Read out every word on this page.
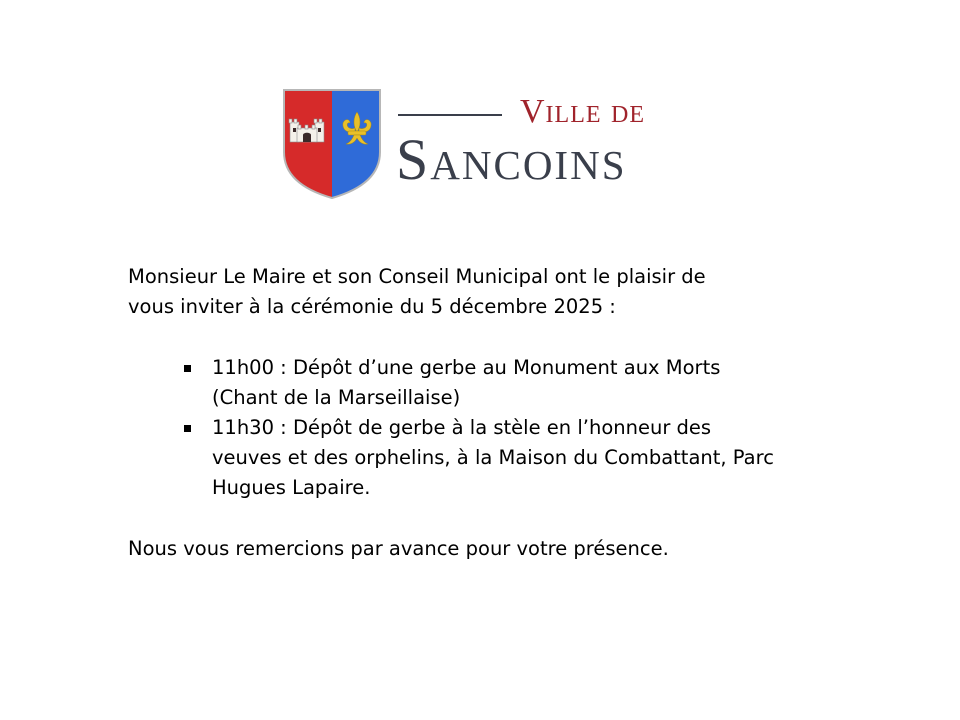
Ville de
Sancoins

Monsieur Le Maire et son Conseil Municipal ont le plaisir de
vous inviter à la cérémonie du 5 décembre 2025 :

11h00 : Dépôt d’une gerbe au Monument aux Morts
(Chant de la Marseillaise)
11h30 : Dépôt de gerbe à la stèle en l’honneur des
veuves et des orphelins, à la Maison du Combattant, Parc
Hugues Lapaire.

Nous vous remercions par avance pour votre présence.
